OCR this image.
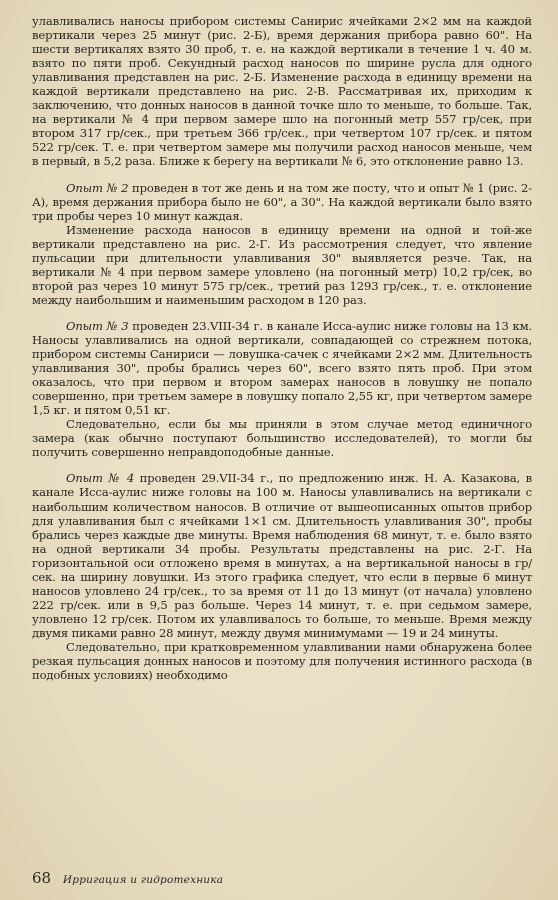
улавливались наносы прибором системы Санирис ячейками 2×2 мм на каждой вертикали через 25 минут (рис. 2-Б), время держания прибора равно 60". На шести вертикалях взято 30 проб, т. е. на каждой вертикали в течение 1 ч. 40 м. взято по пяти проб. Секундный расход наносов по ширине русла для одного улавливания представлен на рис. 2-Б. Изменение расхода в единицу времени на каждой вертикали представлено на рис. 2-В. Рассматривая их, приходим к заключению, что донных наносов в данной точке шло то меньше, то больше. Так, на вертикали № 4 при первом замере шло на погонный метр 557 гр/сек, при втором 317 гр/сек., при третьем 366 гр/сек., при четвертом 107 гр/сек. и пятом 522 гр/сек. Т. е. при четвертом замере мы получили расход наносов меньше, чем в первый, в 5,2 раза. Ближе к берегу на вертикали № 6, это отклонение равно 13.

Опыт № 2 проведен в тот же день и на том же посту, что и опыт № 1 (рис. 2-А), время держания прибора было не 60", а 30". На каждой вертикали было взято три пробы через 10 минут каждая.

Изменение расхода наносов в единицу времени на одной и той-же вертикали представлено на рис. 2-Г. Из рассмотрения следует, что явление пульсации при длительности улавливания 30" выявляется резче. Так, на вертикали № 4 при первом замере уловлено (на погонный метр) 10,2 гр/сек, во второй раз через 10 минут 575 гр/сек., третий раз 1293 гр/сек., т. е. отклонение между наибольшим и наименьшим расходом в 120 раз.

Опыт № 3 проведен 23.VIII-34 г. в канале Исса-аулис ниже головы на 13 км. Наносы улавливались на одной вертикали, совпадающей со стрежнем потока, прибором системы Санириси — ловушка-сачек с ячейками 2×2 мм. Длительность улавливания 30", пробы брались через 60", всего взято пять проб. При этом оказалось, что при первом и втором замерах наносов в ловушку не попало совершенно, при третьем замере в ловушку попало 2,55 кг, при четвертом замере 1,5 кг. и пятом 0,51 кг.

Следовательно, если бы мы приняли в этом случае метод единичного замера (как обычно поступают большинство исследователей), то могли бы получить совершенно неправдоподобные данные.

Опыт № 4 проведен 29.VII-34 г., по предложению инж. Н. А. Казакова, в канале Исса-аулис ниже головы на 100 м. Наносы улавливались на вертикали с наибольшим количеством наносов. В отличие от вышеописанных опытов прибор для улавливания был с ячейками 1×1 см. Длительность улавливания 30", пробы брались через каждые две минуты. Время наблюдения 68 минут, т. е. было взято на одной вертикали 34 пробы. Результаты представлены на рис. 2-Г. На горизонтальной оси отложено время в минутах, а на вертикальной наносы в гр/сек. на ширину ловушки. Из этого графика следует, что если в первые 6 минут наносов уловлено 24 гр/сек., то за время от 11 до 13 минут (от начала) уловлено 222 гр/сек. или в 9,5 раз больше. Через 14 минут, т. е. при седьмом замере, уловлено 12 гр/сек. Потом их улавливалось то больше, то меньше. Время между двумя пиками равно 28 минут, между двумя минимумами — 19 и 24 минуты.

Следовательно, при кратковременном улавливании нами обнаружена более резкая пульсация донных наносов и поэтому для получения истинного расхода (в подобных условиях) необходимо

68 Ирригация и гидротехника
